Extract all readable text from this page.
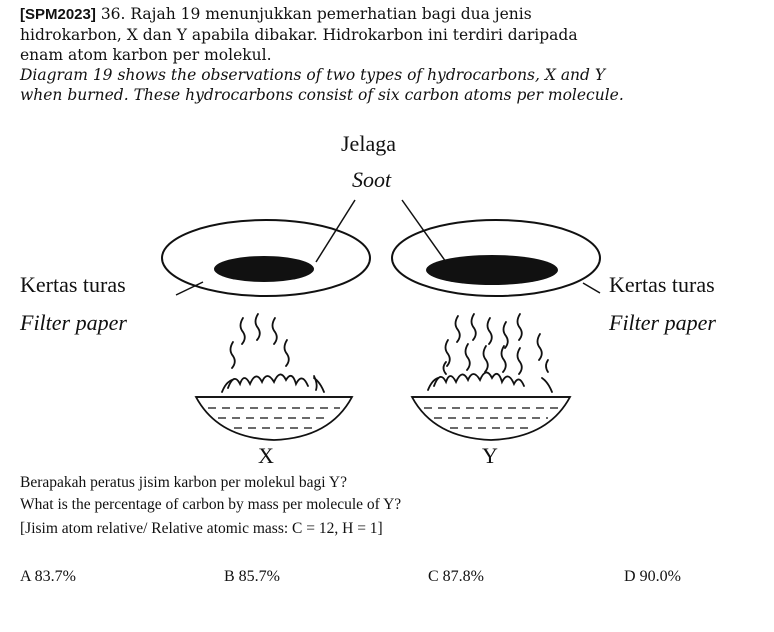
[SPM2023] 36. Rajah 19 menunjukkan pemerhatian bagi dua jenis
hidrokarbon, X dan Y apabila dibakar. Hidrokarbon ini terdiri daripada
enam atom karbon per molekul.
Diagram 19 shows the observations of two types of hydrocarbons, X and Y
when burned. These hydrocarbons consist of six carbon atoms per molecule.
Jelaga
Soot
Kertas turas
Filter paper
Kertas turas
Filter paper
X	Y
Berapakah peratus jisim karbon per molekul bagi Y?
What is the percentage of carbon by mass per molecule of Y?
[Jisim atom relative/ Relative atomic mass: C = 12, H = 1]
A 83.7%	B 85.7%	C 87.8%	D 90.0%
